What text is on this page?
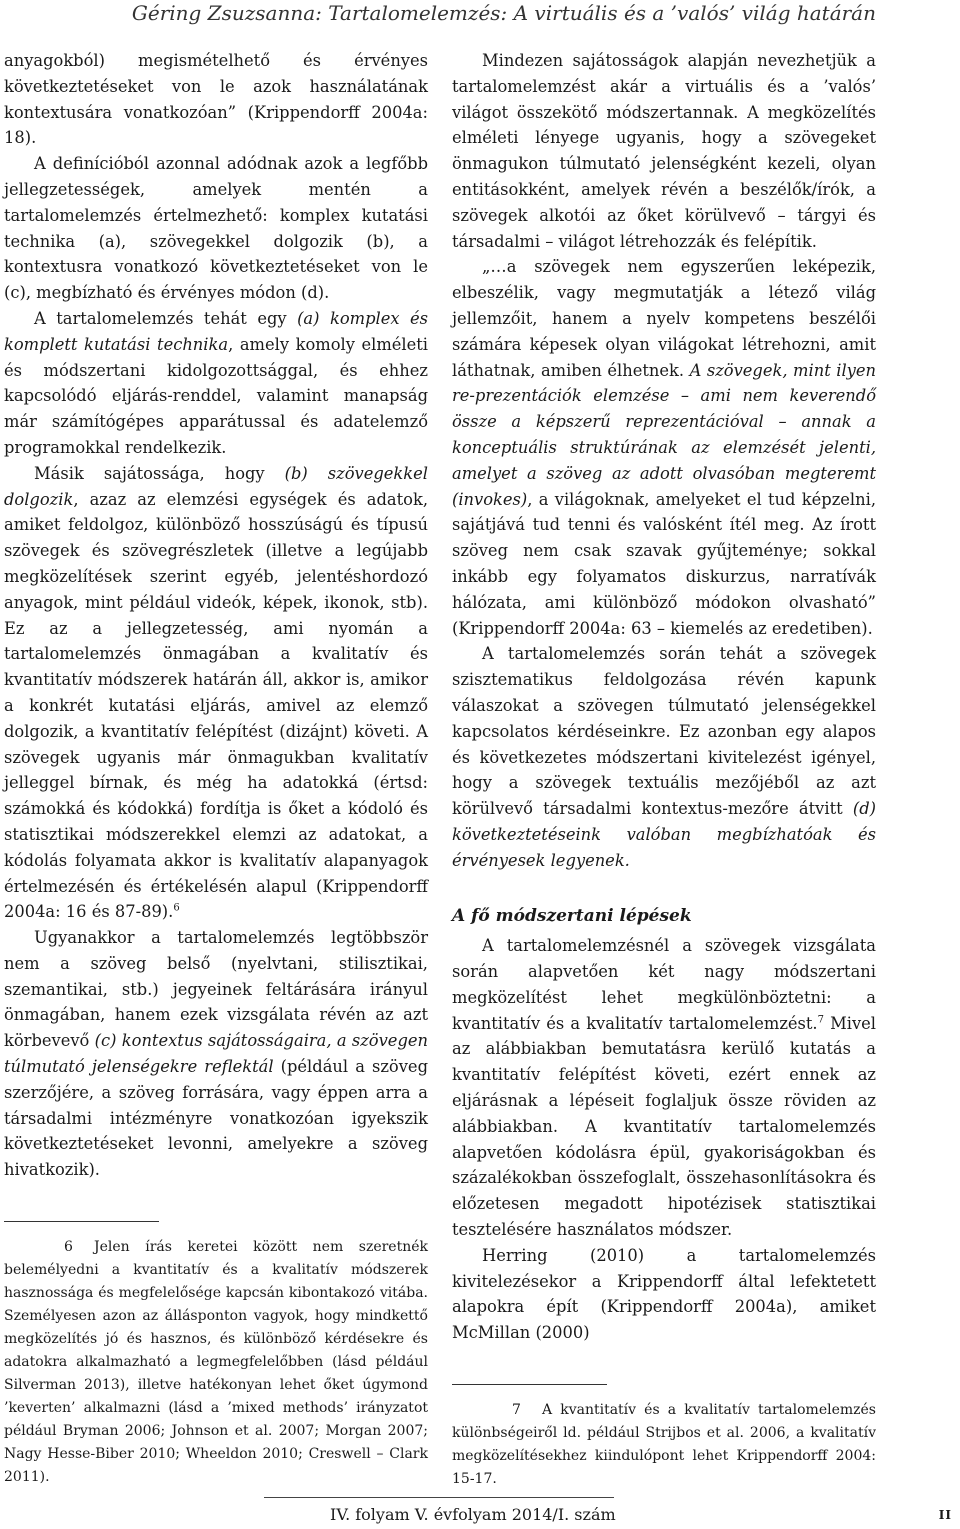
Géring Zsuzsanna: Tartalomelemzés: A virtuális és a ’valós’ világ határán

anyagokból) megismételhető és érvényes következtetéseket von le azok használatának kontextusára vonatkozóan” (Krippendorff 2004a: 18).

A definícióból azonnal adódnak azok a legfőbb jellegzetességek, amelyek mentén a tartalomelemzés értelmezhető: komplex kutatási technika (a), szövegekkel dolgozik (b), a kontextusra vonatkozó következtetéseket von le (c), megbízható és érvényes módon (d).

A tartalomelemzés tehát egy (a) komplex és komplett kutatási technika, amely komoly elméleti és módszertani kidolgozottsággal, és ehhez kapcsolódó eljárás-renddel, valamint manapság már számítógépes apparátussal és adatelemző programokkal rendelkezik.

Másik sajátossága, hogy (b) szövegekkel dolgozik, azaz az elemzési egységek és adatok, amiket feldolgoz, különböző hosszúságú és típusú szövegek és szövegrészletek (illetve a legújabb megközelítések szerint egyéb, jelentéshordozó anyagok, mint például videók, képek, ikonok, stb). Ez az a jellegzetesség, ami nyomán a tartalomelemzés önmagában a kvalitatív és kvantitatív módszerek határán áll, akkor is, amikor a konkrét kutatási eljárás, amivel az elemző dolgozik, a kvantitatív felépítést (dizájnt) követi. A szövegek ugyanis már önmagukban kvalitatív jelleggel bírnak, és még ha adatokká (értsd: számokká és kódokká) fordítja is őket a kódoló és statisztikai módszerekkel elemzi az adatokat, a kódolás folyamata akkor is kvalitatív alapanyagok értelmezésén és értékelésén alapul (Krippendorff 2004a: 16 és 87-89).$^6$

Ugyanakkor a tartalomelemzés legtöbbször nem a szöveg belső (nyelvtani, stilisztikai, szemantikai, stb.) jegyeinek feltárására irányul önmagában, hanem ezek vizsgálata révén az azt körbevevő (c) kontextus sajátosságaira, a szövegen túlmutató jelenségekre reflektál (például a szöveg szerzőjére, a szöveg forrására, vagy éppen arra a társadalmi intézményre vonatkozóan igyekszik következtetéseket levonni, amelyekre a szöveg hivatkozik).

6 Jelen írás keretei között nem szeretnék belemélyedni a kvantitatív és a kvalitatív módszerek hasznossága és megfelelősége kapcsán kibontakozó vitába. Személyesen azon az állásponton vagyok, hogy mindkettő megközelítés jó és hasznos, és különböző kérdésekre és adatokra alkalmazható a legmegfelelőbben (lásd például Silverman 2013), illetve hatékonyan lehet őket úgymond ’keverten’ alkalmazni (lásd a ’mixed methods’ irányzatot például Bryman 2006; Johnson et al. 2007; Morgan 2007; Nagy Hesse-Biber 2010; Wheeldon 2010; Creswell – Clark 2011).

Mindezen sajátosságok alapján nevezhetjük a tartalomelemzést akár a virtuális és a ’valós’ világot összekötő módszertannak. A megközelítés elméleti lényege ugyanis, hogy a szövegeket önmagukon túlmutató jelenségként kezeli, olyan entitásokként, amelyek révén a beszélők/írók, a szövegek alkotói az őket körülvevő – tárgyi és társadalmi – világot létrehozzák és felépítik.

„…a szövegek nem egyszerűen leképezik, elbeszélik, vagy megmutatják a létező világ jellemzőit, hanem a nyelv kompetens beszélői számára képesek olyan világokat létrehozni, amit láthatnak, amiben élhetnek. A szövegek, mint ilyen re-prezentációk elemzése – ami nem keverendő össze a képszerű reprezentációval – annak a konceptuális struktúrának az elemzését jelenti, amelyet a szöveg az adott olvasóban megteremt (invokes), a világoknak, amelyeket el tud képzelni, sajátjává tud tenni és valósként ítél meg. Az írott szöveg nem csak szavak gyűjteménye; sokkal inkább egy folyamatos diskurzus, narratívák hálózata, ami különböző módokon olvasható” (Krippendorff 2004a: 63 – kiemelés az eredetiben).

A tartalomelemzés során tehát a szövegek szisztematikus feldolgozása révén kapunk válaszokat a szövegen túlmutató jelenségekkel kapcsolatos kérdéseinkre. Ez azonban egy alapos és következetes módszertani kivitelezést igényel, hogy a szövegek textuális mezőjéből az azt körülvevő társadalmi kontextus-mezőre átvitt (d) következtetéseink valóban megbízhatóak és érvényesek legyenek.

A fő módszertani lépések

A tartalomelemzésnél a szövegek vizsgálata során alapvetően két nagy módszertani megközelítést lehet megkülönböztetni: a kvantitatív és a kvalitatív tartalomelemzést.$^7$ Mivel az alábbiakban bemutatásra kerülő kutatás a kvantitatív felépítést követi, ezért ennek az eljárásnak a lépéseit foglaljuk össze röviden az alábbiakban. A kvantitatív tartalomelemzés alapvetően kódolásra épül, gyakoriságokban és százalékokban összefoglalt, összehasonlításokra és előzetesen megadott hipotézisek statisztikai tesztelésére használatos módszer.

Herring (2010) a tartalomelemzés kivitelezésekor a Krippendorff által lefektetett alapokra épít (Krippendorff 2004a), amiket McMillan (2000)

7 A kvantitatív és a kvalitatív tartalomelemzés különbségeiről ld. például Strijbos et al. 2006, a kvalitatív megközelítésekhez kiindulópont lehet Krippendorff 2004: 15-17.

IV. folyam V. évfolyam 2014/I. szám	II
